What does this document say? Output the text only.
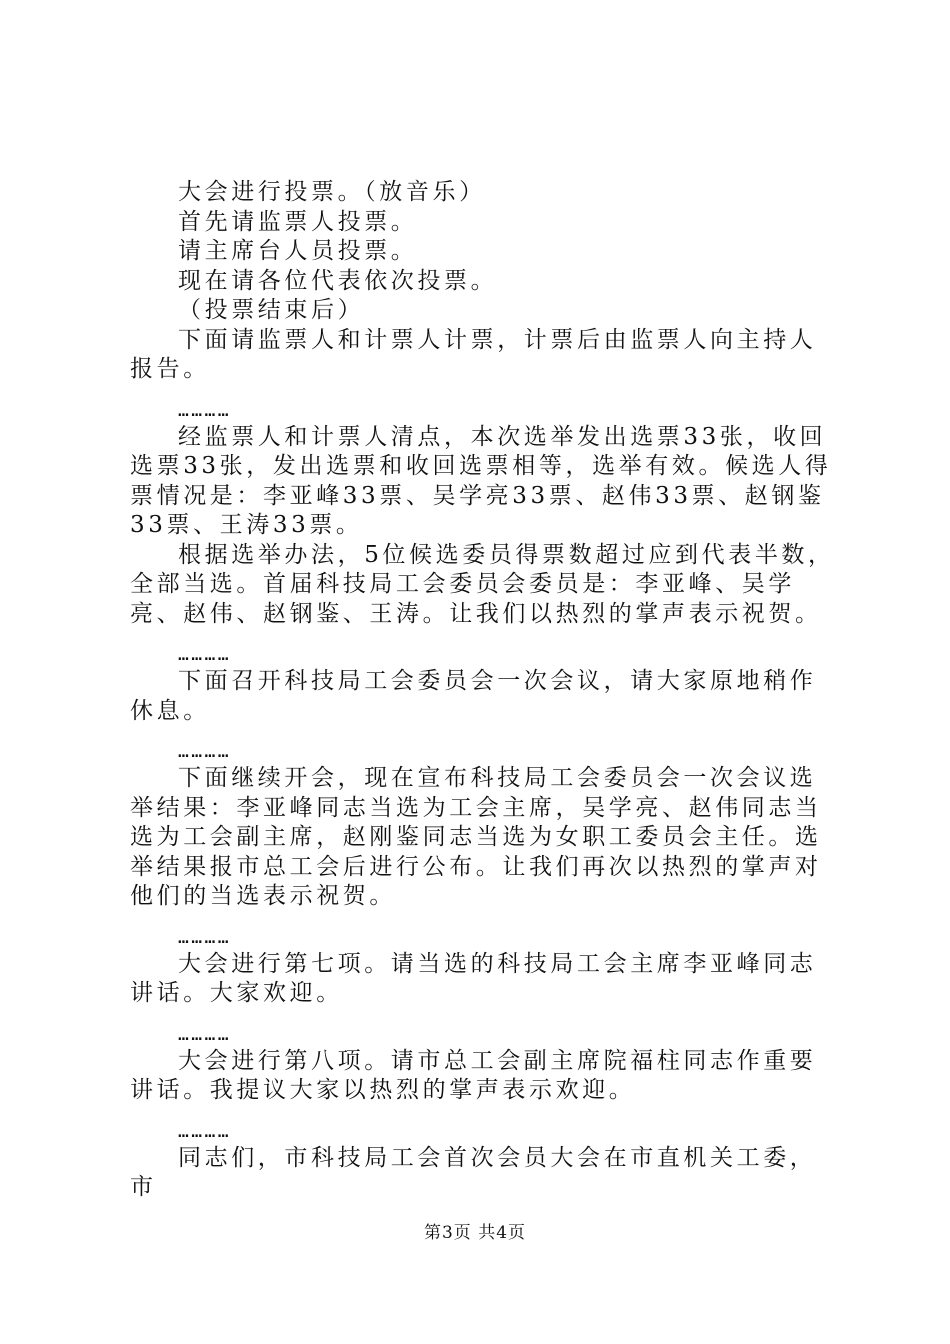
大会进行投票。（放音乐）

首先请监票人投票。

请主席台人员投票。

现在请各位代表依次投票。

（投票结束后）

下面请监票人和计票人计票，计票后由监票人向主持人报告。

…………

经监票人和计票人清点，本次选举发出选票33张，收回选票33张，发出选票和收回选票相等，选举有效。候选人得票情况是：李亚峰33票、吴学亮33票、赵伟33票、赵钢鉴33票、王涛33票。

根据选举办法，5位候选委员得票数超过应到代表半数，全部当选。首届科技局工会委员会委员是：李亚峰、吴学亮、赵伟、赵钢鉴、王涛。让我们以热烈的掌声表示祝贺。

…………

下面召开科技局工会委员会一次会议，请大家原地稍作休息。

…………

下面继续开会，现在宣布科技局工会委员会一次会议选举结果：李亚峰同志当选为工会主席，吴学亮、赵伟同志当选为工会副主席，赵刚鉴同志当选为女职工委员会主任。选举结果报市总工会后进行公布。让我们再次以热烈的掌声对他们的当选表示祝贺。

…………

大会进行第七项。请当选的科技局工会主席李亚峰同志讲话。大家欢迎。

…………

大会进行第八项。请市总工会副主席院福柱同志作重要讲话。我提议大家以热烈的掌声表示欢迎。

…………

同志们，市科技局工会首次会员大会在市直机关工委，市

第3页 共4页
